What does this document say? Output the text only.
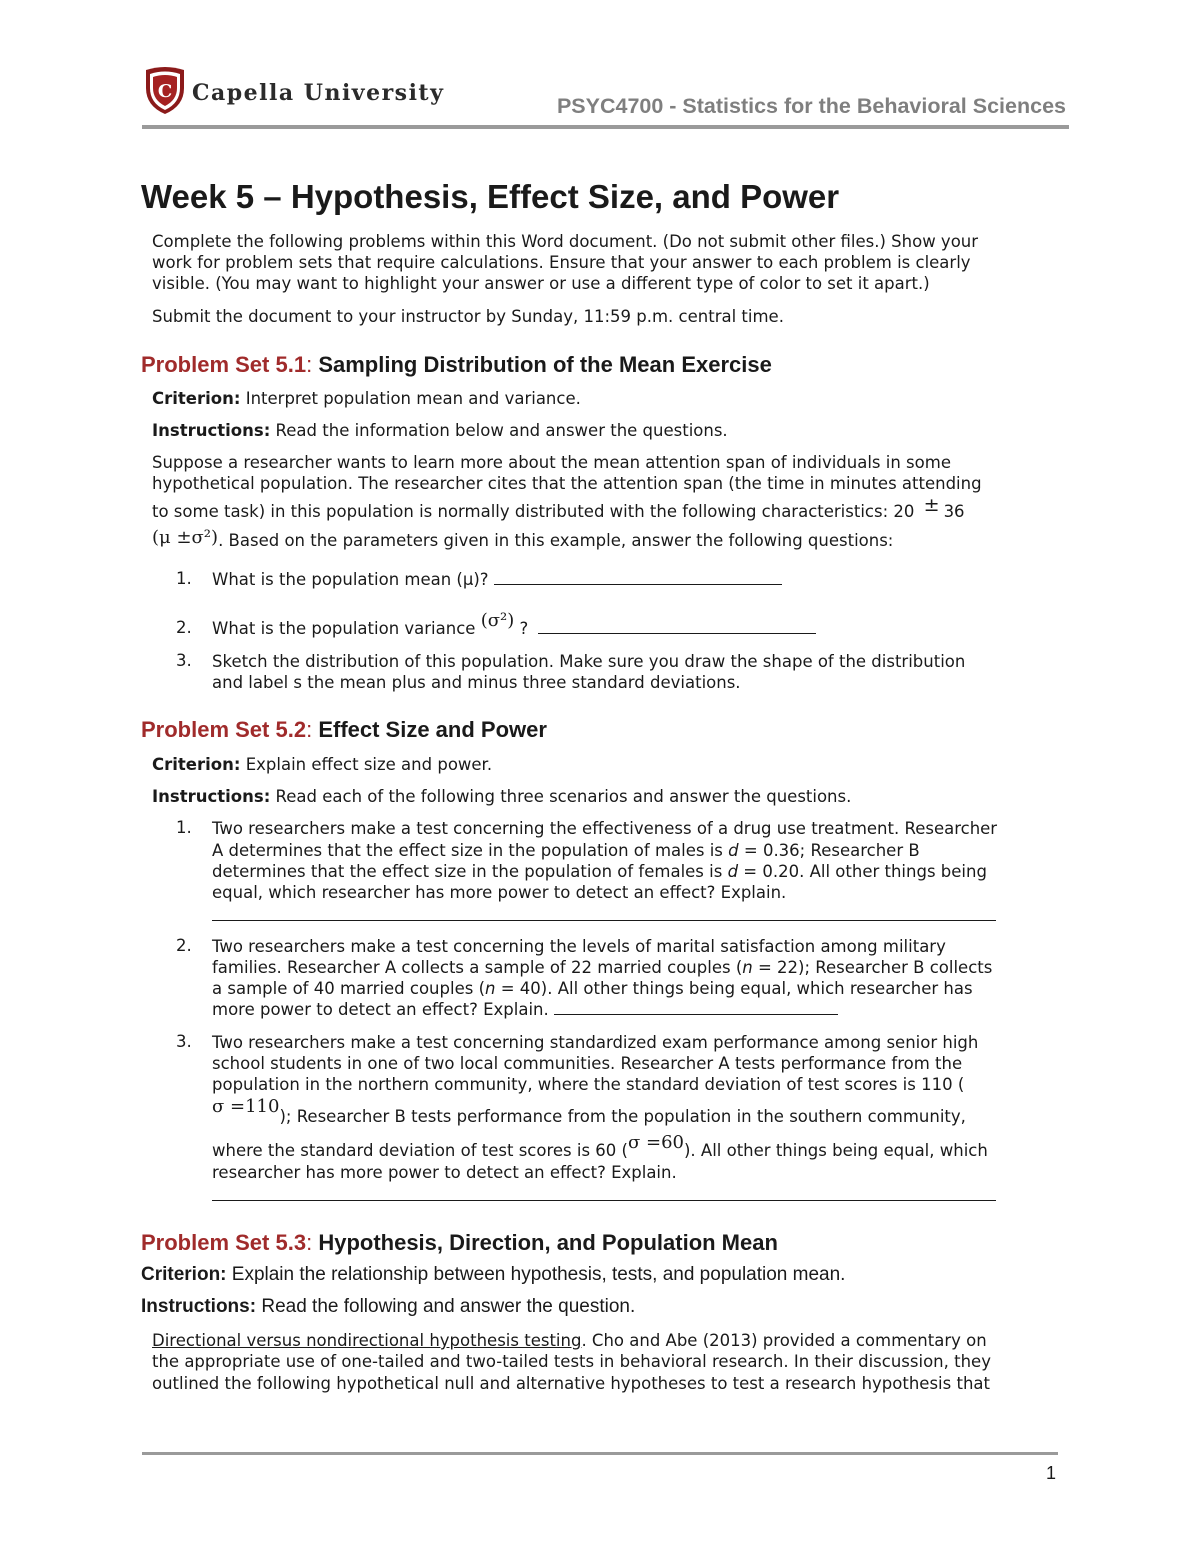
C Capella University	PSYC4700 - Statistics for the Behavioral Sciences
Week 5 – Hypothesis, Effect Size, and Power
Complete the following problems within this Word document. (Do not submit other files.) Show your
work for problem sets that require calculations. Ensure that your answer to each problem is clearly
visible. (You may want to highlight your answer or use a different type of color to set it apart.)
Submit the document to your instructor by Sunday, 11:59 p.m. central time.
Problem Set 5.1: Sampling Distribution of the Mean Exercise
Criterion: Interpret population mean and variance.
Instructions: Read the information below and answer the questions.
Suppose a researcher wants to learn more about the mean attention span of individuals in some
hypothetical population. The researcher cites that the attention span (the time in minutes attending
to some task) in this population is normally distributed with the following characteristics: 20 ± 36
(μ ±σ²). Based on the parameters given in this example, answer the following questions:
1. What is the population mean (μ)?
2. What is the population variance (σ²) ?
3. Sketch the distribution of this population. Make sure you draw the shape of the distribution
and label s the mean plus and minus three standard deviations.
Problem Set 5.2: Effect Size and Power
Criterion: Explain effect size and power.
Instructions: Read each of the following three scenarios and answer the questions.
1. Two researchers make a test concerning the effectiveness of a drug use treatment. Researcher
A determines that the effect size in the population of males is d = 0.36; Researcher B
determines that the effect size in the population of females is d = 0.20. All other things being
equal, which researcher has more power to detect an effect? Explain.
2. Two researchers make a test concerning the levels of marital satisfaction among military
families. Researcher A collects a sample of 22 married couples (n = 22); Researcher B collects
a sample of 40 married couples (n = 40). All other things being equal, which researcher has
more power to detect an effect? Explain.
3. Two researchers make a test concerning standardized exam performance among senior high
school students in one of two local communities. Researcher A tests performance from the
population in the northern community, where the standard deviation of test scores is 110 (
σ =110); Researcher B tests performance from the population in the southern community,
where the standard deviation of test scores is 60 (σ =60). All other things being equal, which
researcher has more power to detect an effect? Explain.
Problem Set 5.3: Hypothesis, Direction, and Population Mean
Criterion: Explain the relationship between hypothesis, tests, and population mean.
Instructions: Read the following and answer the question.
Directional versus nondirectional hypothesis testing. Cho and Abe (2013) provided a commentary on
the appropriate use of one-tailed and two-tailed tests in behavioral research. In their discussion, they
outlined the following hypothetical null and alternative hypotheses to test a research hypothesis that
1
